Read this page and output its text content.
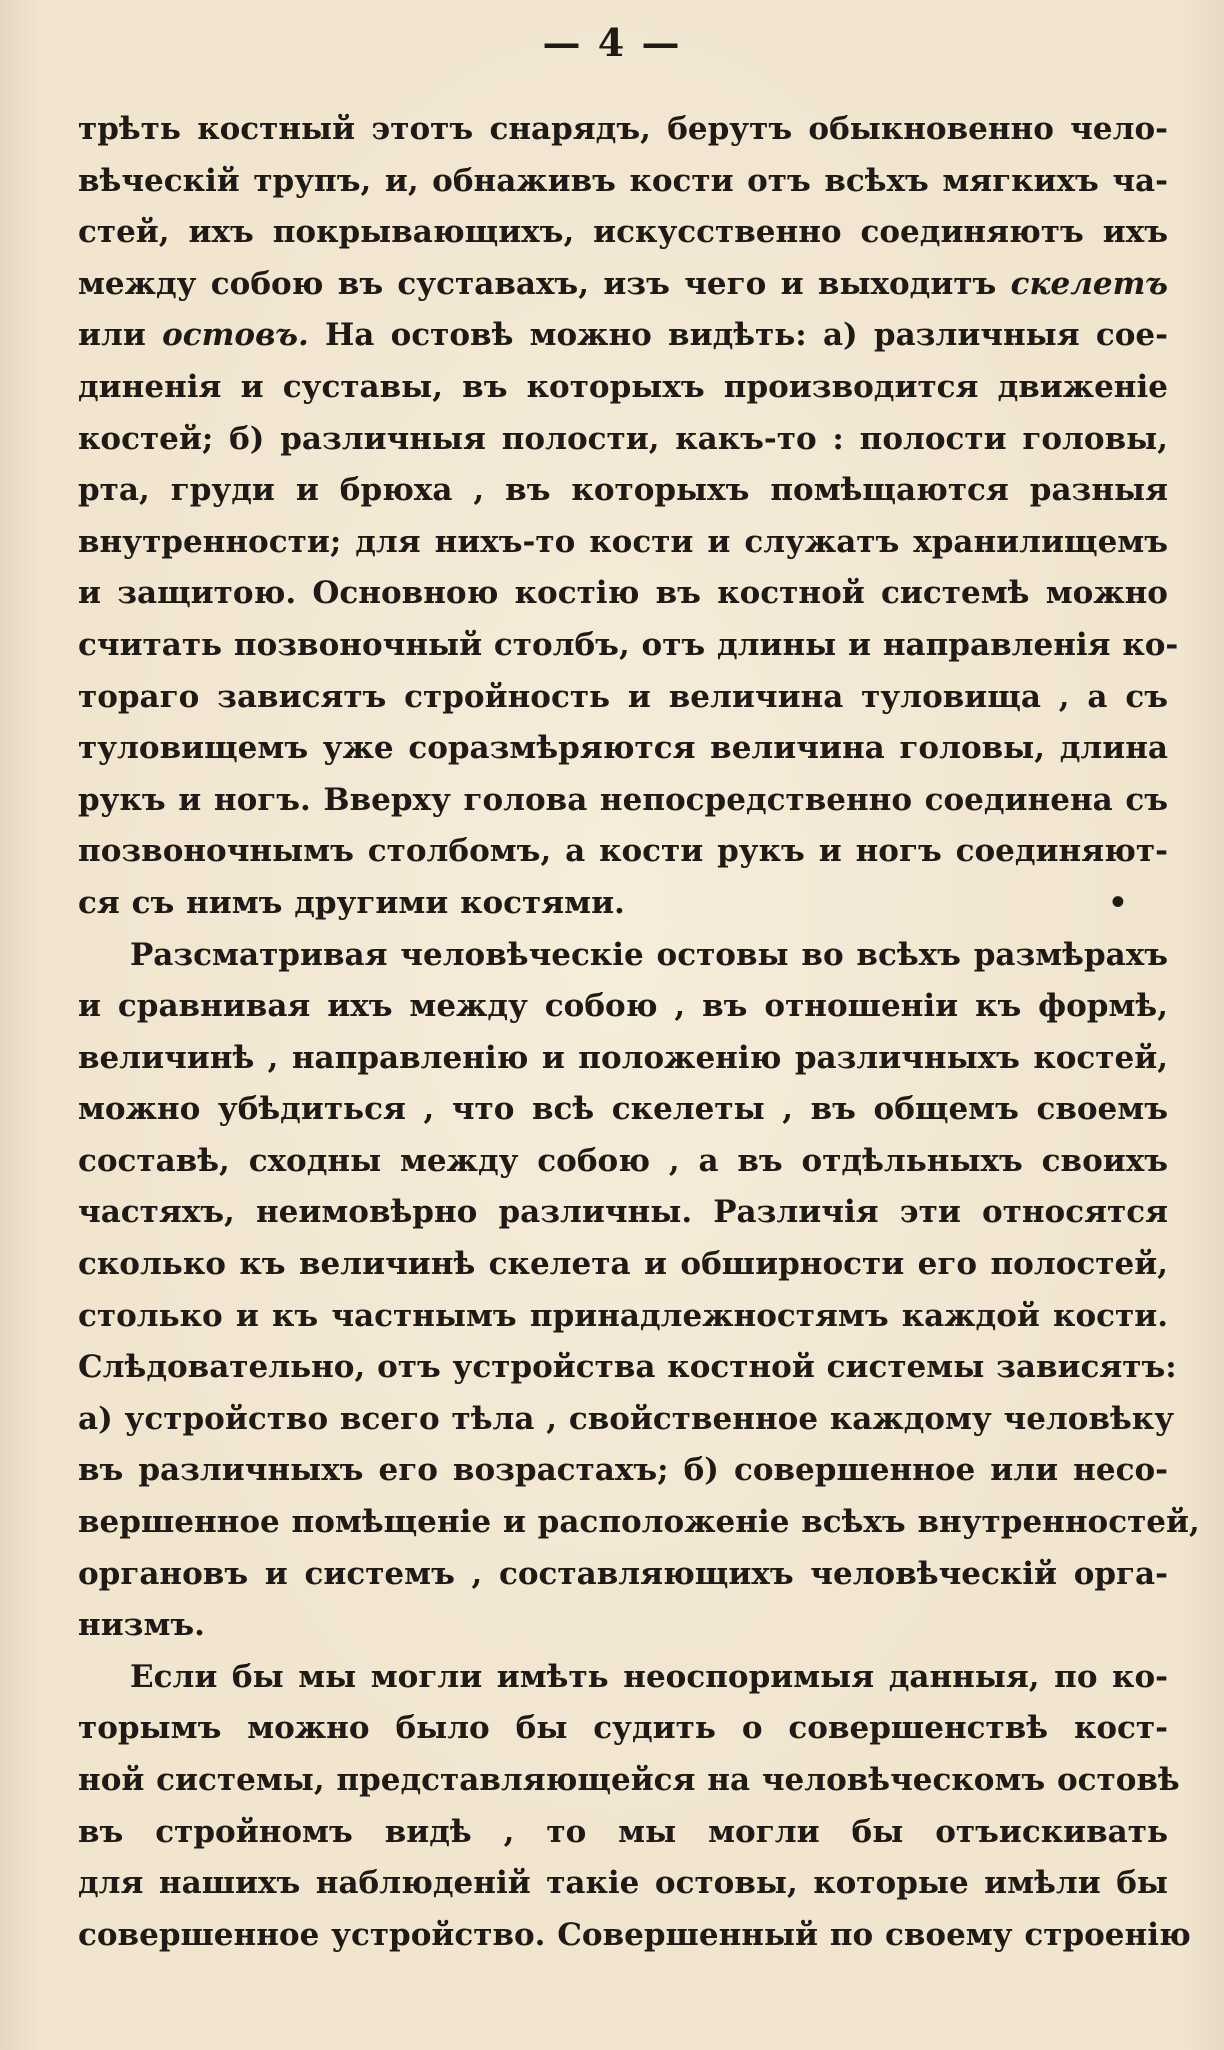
— 4 —
трѣть костный этотъ снарядъ, берутъ обыкновенно чело-
вѣческій трупъ, и, обнаживъ кости отъ всѣхъ мягкихъ ча-
стей, ихъ покрывающихъ, искусственно соединяютъ ихъ
между собою въ суставахъ, изъ чего и выходитъ скелетъ
или остовъ. На остовѣ можно видѣть: а) различныя сое-
диненія и суставы, въ которыхъ производится движеніе
костей; б) различныя полости, какъ-то : полости головы,
рта, груди и брюха , въ которыхъ помѣщаются разныя
внутренности; для нихъ-то кости и служатъ хранилищемъ
и защитою. Основною костію въ костной системѣ можно
считать позвоночный столбъ, отъ длины и направленія ко-
тораго зависятъ стройность и величина туловища , а съ
туловищемъ уже соразмѣряются величина головы, длина
рукъ и ногъ. Вверху голова непосредственно соединена съ
позвоночнымъ столбомъ, а кости рукъ и ногъ соединяют-
ся съ нимъ другими костями.	•
Разсматривая человѣческіе остовы во всѣхъ размѣрахъ
и сравнивая ихъ между собою , въ отношеніи къ формѣ,
величинѣ , направленію и положенію различныхъ костей,
можно убѣдиться , что всѣ скелеты , въ общемъ своемъ
составѣ, сходны между собою , а въ отдѣльныхъ своихъ
частяхъ, неимовѣрно различны. Различія эти относятся
сколько къ величинѣ скелета и обширности его полостей,
столько и къ частнымъ принадлежностямъ каждой кости.
Слѣдовательно, отъ устройства костной системы зависятъ:
а) устройство всего тѣла , свойственное каждому человѣку
въ различныхъ его возрастахъ; б) совершенное или несо-
вершенное помѣщеніе и расположеніе всѣхъ внутренностей,
органовъ и системъ , составляющихъ человѣческій орга-
низмъ.
Если бы мы могли имѣть неоспоримыя данныя, по ко-
торымъ можно было бы судить о совершенствѣ кост-
ной системы, представляющейся на человѣческомъ остовѣ
въ стройномъ видѣ , то мы могли бы отъискивать
для нашихъ наблюденій такіе остовы, которые имѣли бы
совершенное устройство. Совершенный по своему строенію
